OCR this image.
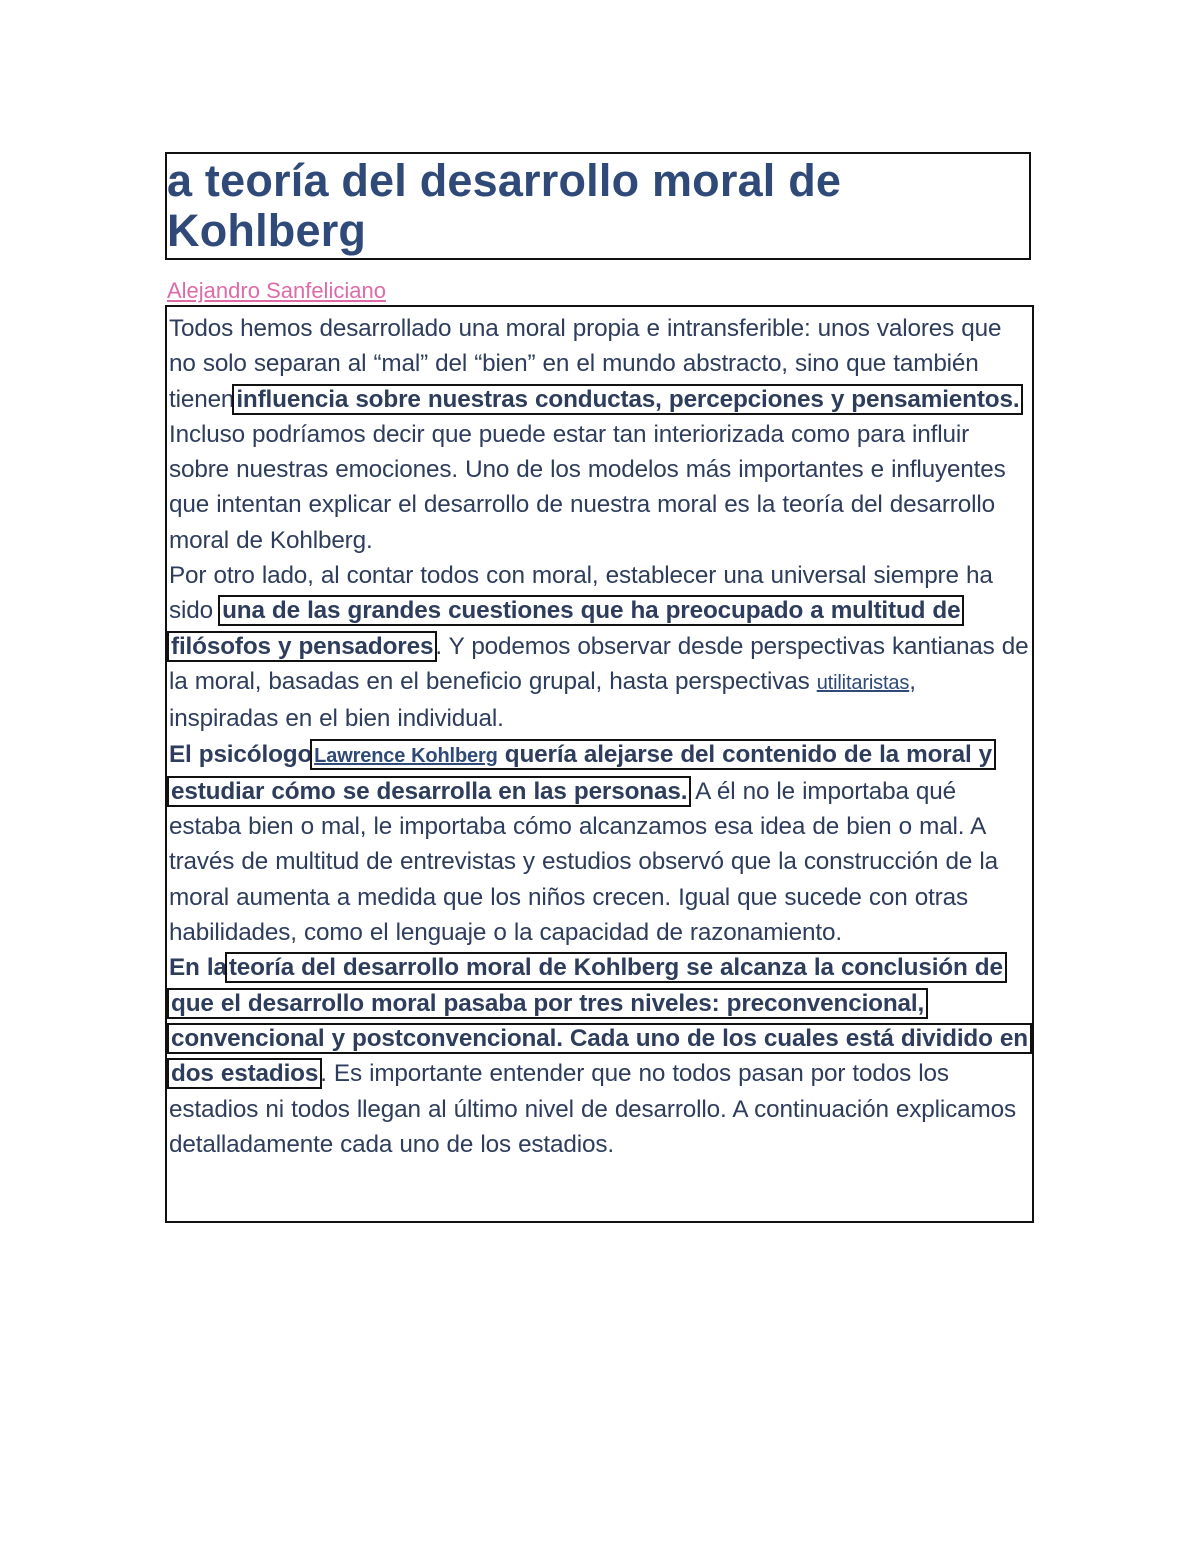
a teoría del desarrollo moral de Kohlberg
Alejandro Sanfeliciano

Todos hemos desarrollado una moral propia e intransferible: unos valores que no solo separan al “mal” del “bien” en el mundo abstracto, sino que también tieneninfluencia sobre nuestras conductas, percepciones y pensamientos. Incluso podríamos decir que puede estar tan interiorizada como para influir sobre nuestras emociones. Uno de los modelos más importantes e influyentes que intentan explicar el desarrollo de nuestra moral es la teoría del desarrollo moral de Kohlberg.

Por otro lado, al contar todos con moral, establecer una universal siempre ha sido una de las grandes cuestiones que ha preocupado a multitud de filósofos y pensadores. Y podemos observar desde perspectivas kantianas de la moral, basadas en el beneficio grupal, hasta perspectivas utilitaristas, inspiradas en el bien individual.

El psicólogo Lawrence Kohlberg quería alejarse del contenido de la moral y estudiar cómo se desarrolla en las personas. A él no le importaba qué estaba bien o mal, le importaba cómo alcanzamos esa idea de bien o mal. A través de multitud de entrevistas y estudios observó que la construcción de la moral aumenta a medida que los niños crecen. Igual que sucede con otras habilidades, como el lenguaje o la capacidad de razonamiento.

En lateoría del desarrollo moral de Kohlberg se alcanza la conclusión de que el desarrollo moral pasaba por tres niveles: preconvencional, convencional y postconvencional. Cada uno de los cuales está dividido en dos estadios. Es importante entender que no todos pasan por todos los estadios ni todos llegan al último nivel de desarrollo. A continuación explicamos detalladamente cada uno de los estadios.
